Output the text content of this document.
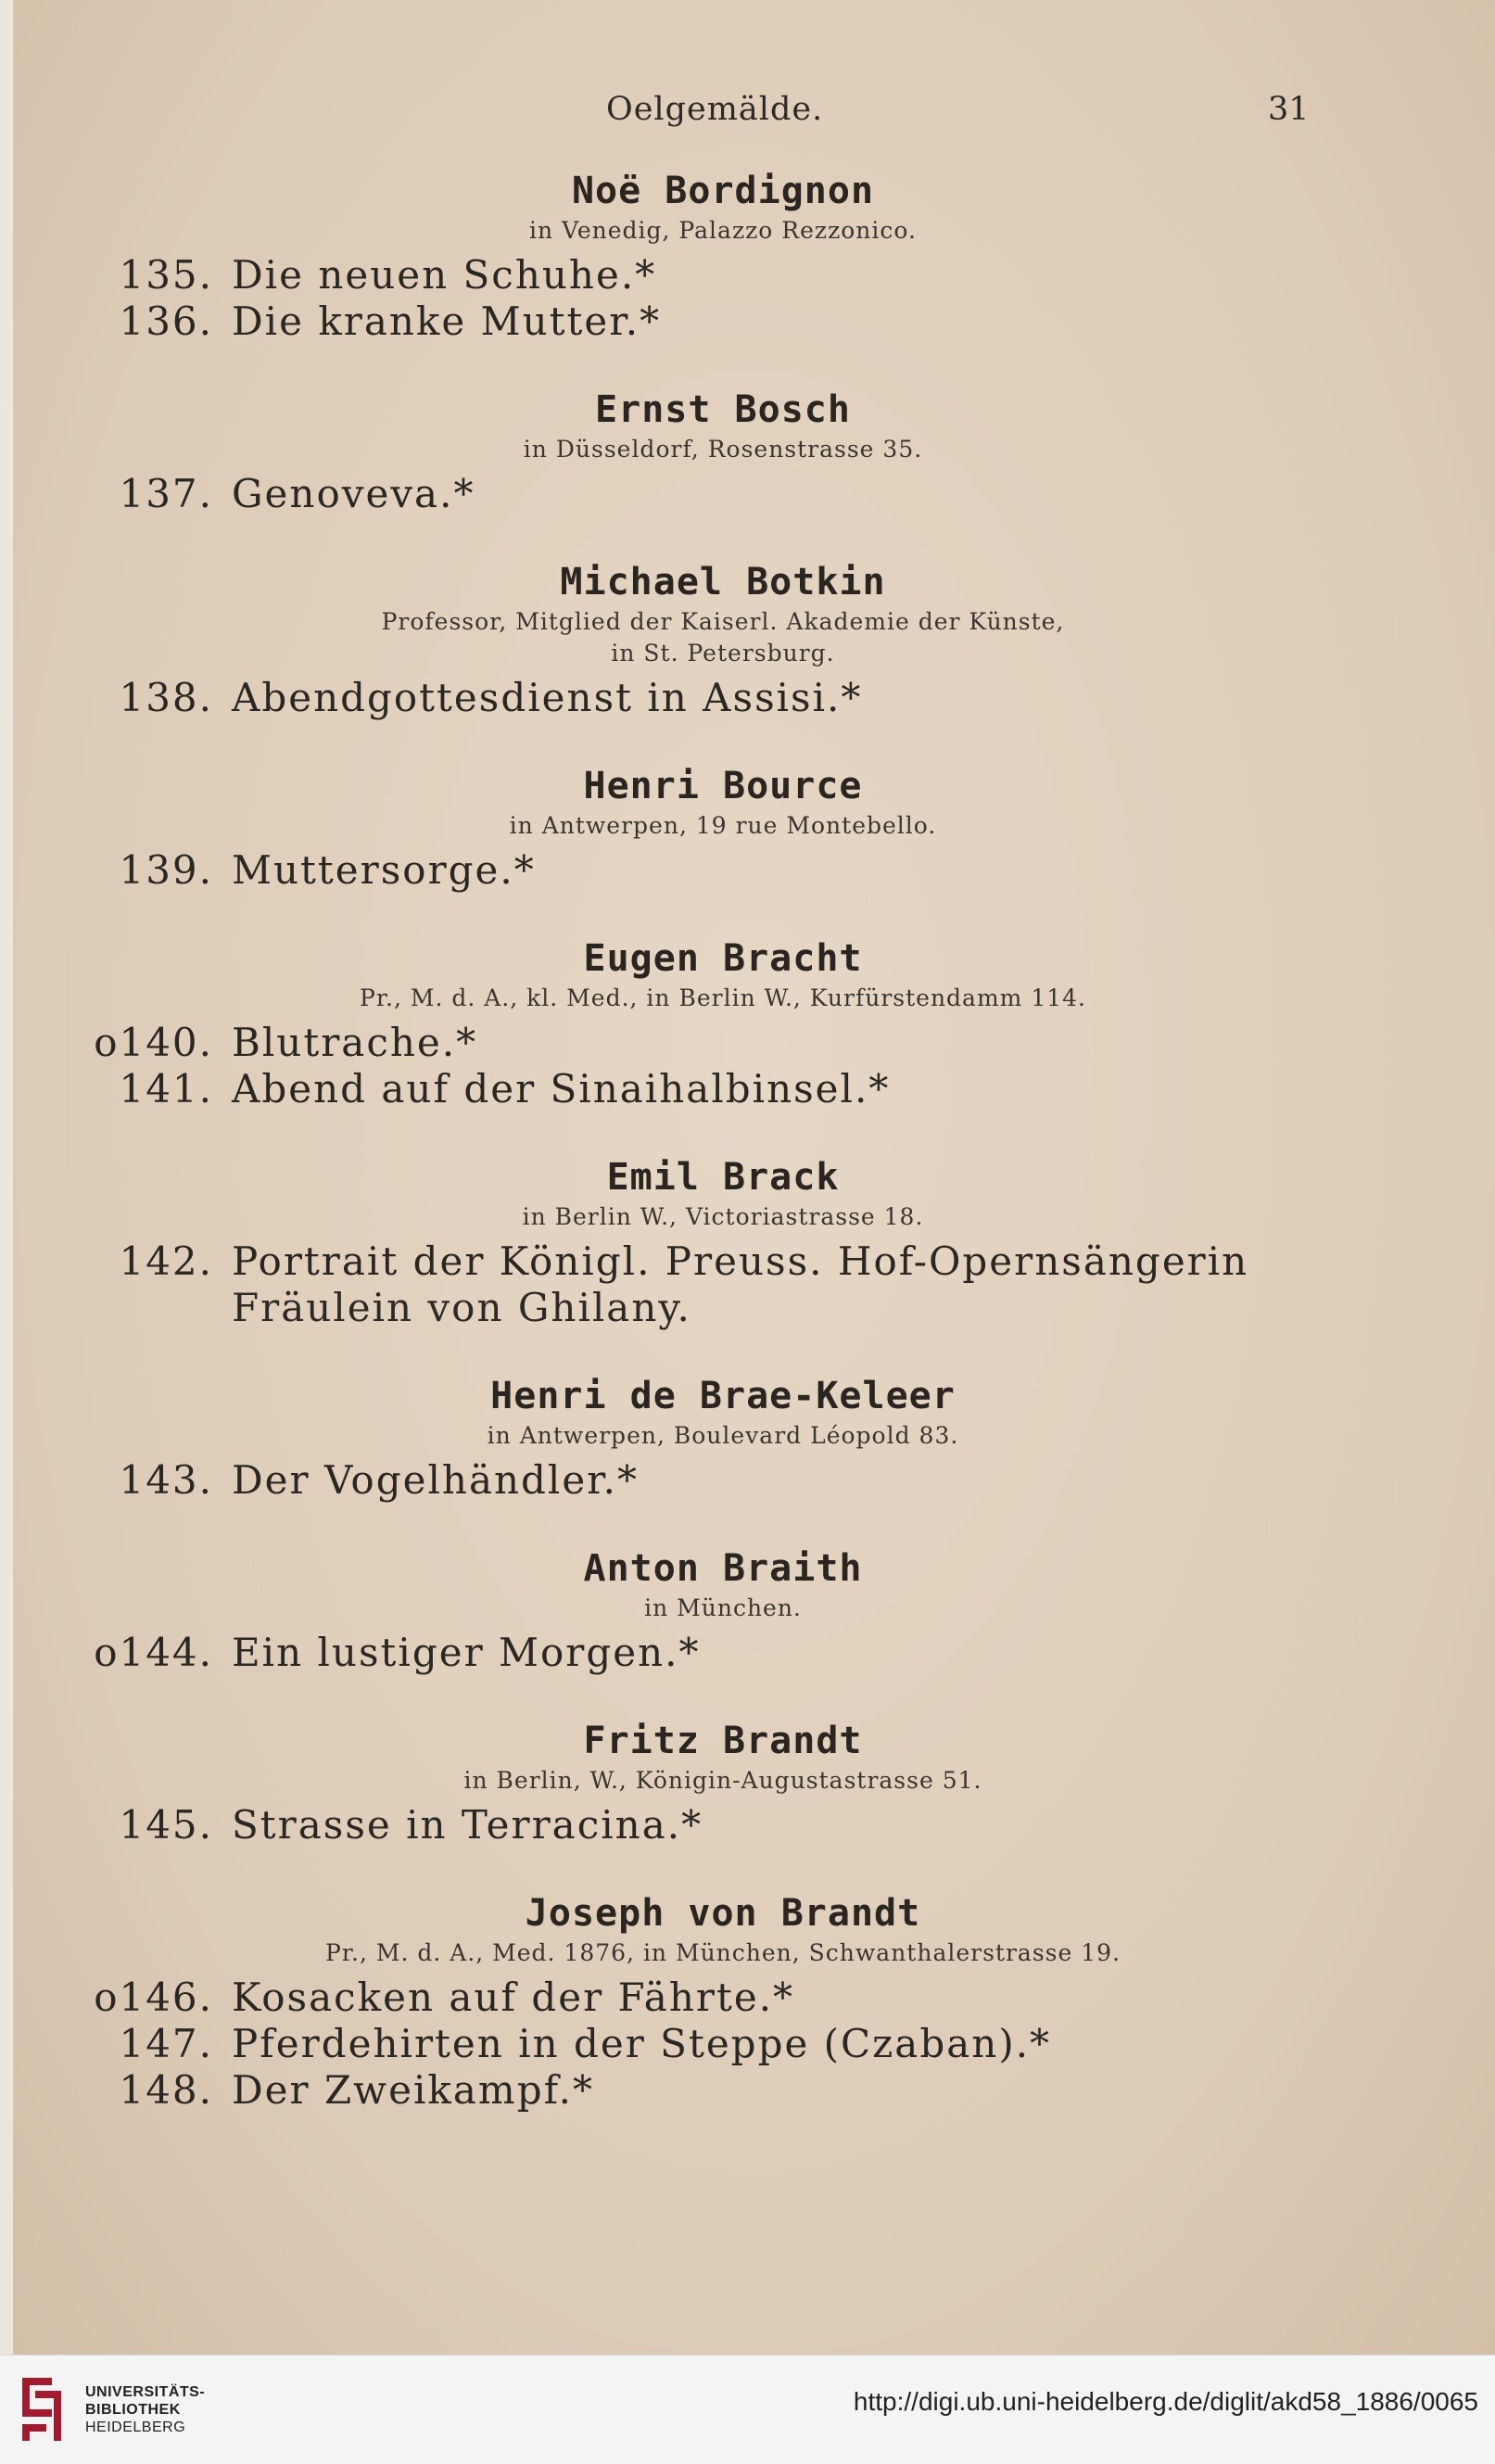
Oelgemälde.	31
Noë Bordignon
in Venedig, Palazzo Rezzonico.
135. Die neuen Schuhe.*
136. Die kranke Mutter.*
Ernst Bosch
in Düsseldorf, Rosenstrasse 35.
137. Genoveva.*
Michael Botkin
Professor, Mitglied der Kaiserl. Akademie der Künste,
in St. Petersburg.
138. Abendgottesdienst in Assisi.*
Henri Bource
in Antwerpen, 19 rue Montebello.
139. Muttersorge.*
Eugen Bracht
Pr., M. d. A., kl. Med., in Berlin W., Kurfürstendamm 114.
o140. Blutrache.*
141. Abend auf der Sinaihalbinsel.*
Emil Brack
in Berlin W., Victoriastrasse 18.
142. Portrait der Königl. Preuss. Hof-Opernsängerin
Fräulein von Ghilany.
Henri de Brae-Keleer
in Antwerpen, Boulevard Léopold 83.
143. Der Vogelhändler.*
Anton Braith
in München.
o144. Ein lustiger Morgen.*
Fritz Brandt
in Berlin, W., Königin-Augustastrasse 51.
145. Strasse in Terracina.*
Joseph von Brandt
Pr., M. d. A., Med. 1876, in München, Schwanthalerstrasse 19.
o146. Kosacken auf der Fährte.*
147. Pferdehirten in der Steppe (Czaban).*
148. Der Zweikampf.*
UNIVERSITÄTS-
BIBLIOTHEK
HEIDELBERG
http://digi.ub.uni-heidelberg.de/diglit/akd58_1886/0065
